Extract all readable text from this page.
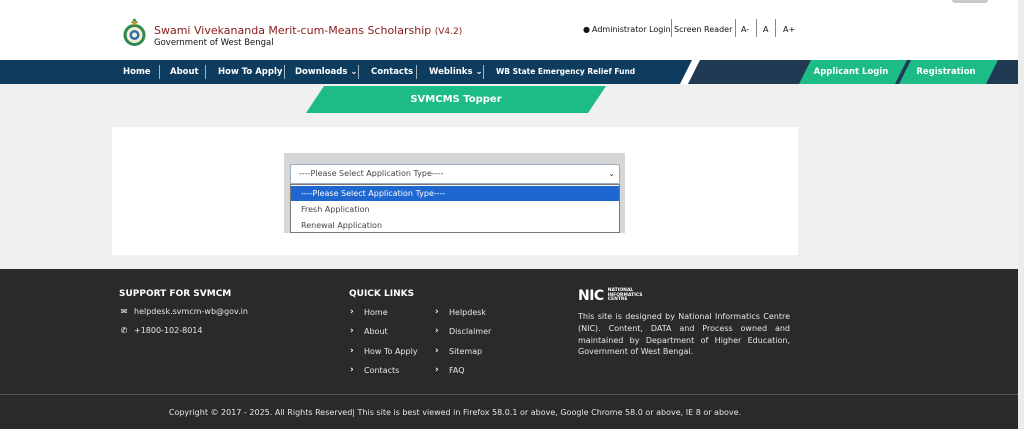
Swami Vivekananda Merit-cum-Means Scholarship (V4.2)
Government of West Bengal
● Administrator Login Screen Reader A- A A+
Home About How To Apply Downloads ⌄ Contacts Weblinks ⌄ WB State Emergency Relief Fund	Applicant Login	Registration
SVMCMS Topper
----Please Select Application Type----	⌄
----Please Select Application Type----
Fresh Application
Renewal Application
SUPPORT FOR SVMCM
✉ helpdesk.svmcm-wb@gov.in
✆ +1800-102-8014
QUICK LINKS
›	Home
›	About
›	How To Apply
›	Contacts
›	Helpdesk
›	Disclaimer
›	Sitemap
›	FAQ
NIC NATIONAL
INFORMATICS
CENTRE
This site is designed by National Informatics Centre (NIC). Content, DATA and Process owned and maintained by Department of Higher Education, Government of West Bengal.
Copyright © 2017 - 2025. All Rights Reserved| This site is best viewed in Firefox 58.0.1 or above, Google Chrome 58.0 or above, IE 8 or above.
